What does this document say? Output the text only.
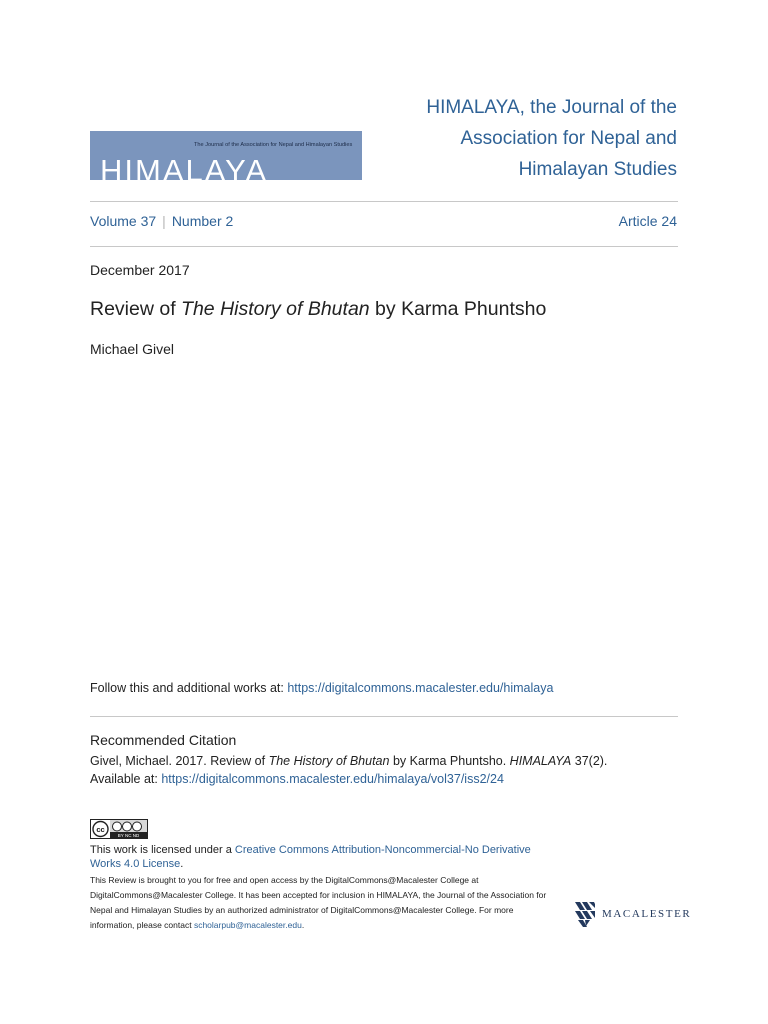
The Journal of the Association for Nepal and Himalayan Studies
HIMALAYA
HIMALAYA, the Journal of the Association for Nepal and Himalayan Studies
Volume 37 | Number 2	Article 24
December 2017
Review of The History of Bhutan by Karma Phuntsho
Michael Givel
Follow this and additional works at: https://digitalcommons.macalester.edu/himalaya
Recommended Citation
Givel, Michael. 2017. Review of The History of Bhutan by Karma Phuntsho. HIMALAYA 37(2).
Available at: https://digitalcommons.macalester.edu/himalaya/vol37/iss2/24
cc
BY NC ND
This work is licensed under a Creative Commons Attribution-Noncommercial-No Derivative Works 4.0 License.
This Review is brought to you for free and open access by the DigitalCommons@Macalester College at DigitalCommons@Macalester College. It has been accepted for inclusion in HIMALAYA, the Journal of the Association for Nepal and Himalayan Studies by an authorized administrator of DigitalCommons@Macalester College. For more information, please contact scholarpub@macalester.edu.
MACALESTER
